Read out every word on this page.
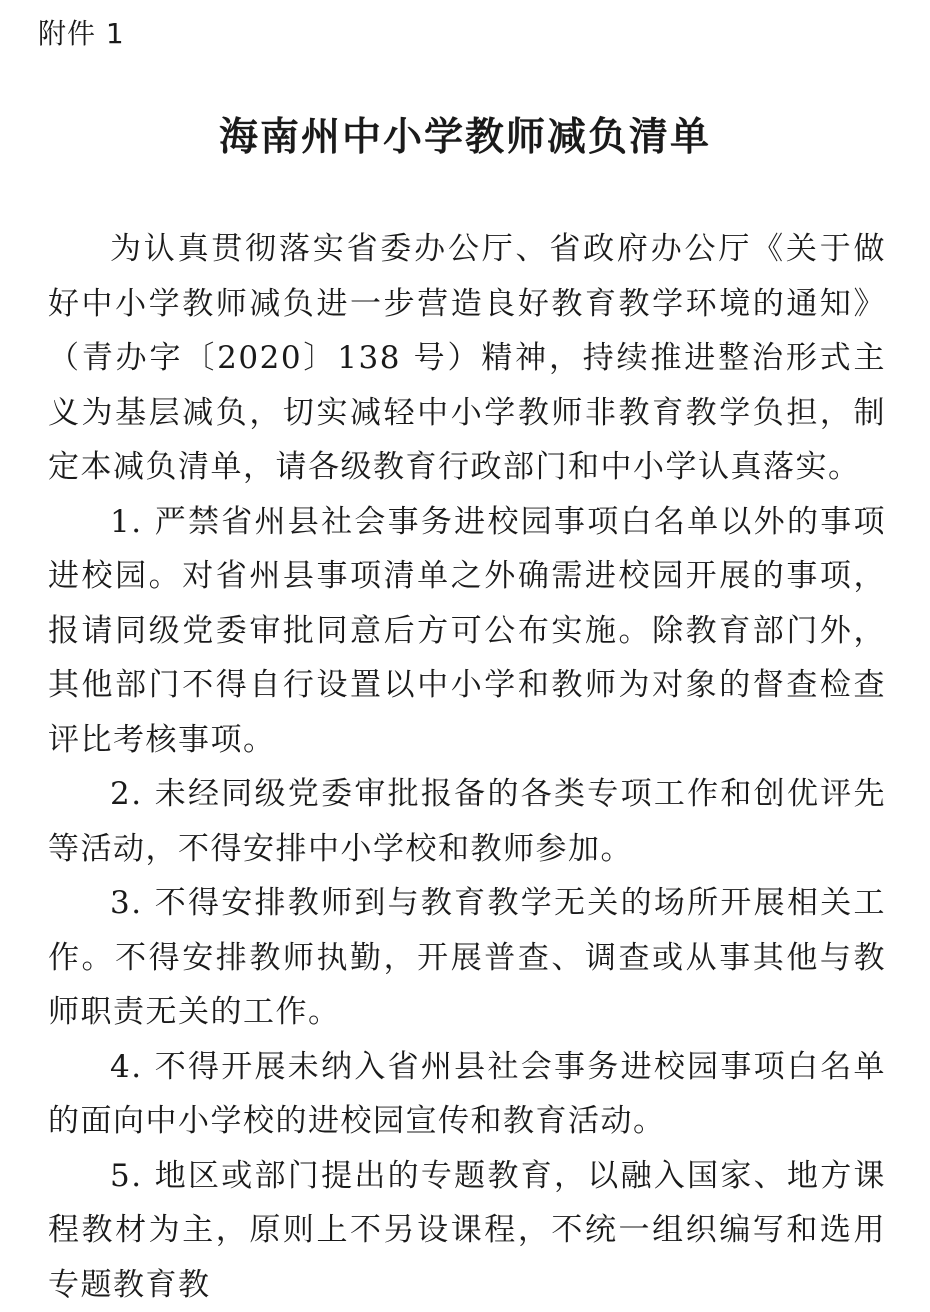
附件 1
海南州中小学教师减负清单

为认真贯彻落实省委办公厅、省政府办公厅《关于做好中小学教师减负进一步营造良好教育教学环境的通知》（青办字〔2020〕138 号）精神，持续推进整治形式主义为基层减负，切实减轻中小学教师非教育教学负担，制定本减负清单，请各级教育行政部门和中小学认真落实。

1. 严禁省州县社会事务进校园事项白名单以外的事项进校园。对省州县事项清单之外确需进校园开展的事项，报请同级党委审批同意后方可公布实施。除教育部门外，其他部门不得自行设置以中小学和教师为对象的督查检查评比考核事项。

2. 未经同级党委审批报备的各类专项工作和创优评先等活动，不得安排中小学校和教师参加。

3. 不得安排教师到与教育教学无关的场所开展相关工作。不得安排教师执勤，开展普查、调查或从事其他与教师职责无关的工作。

4. 不得开展未纳入省州县社会事务进校园事项白名单的面向中小学校的进校园宣传和教育活动。

5. 地区或部门提出的专题教育，以融入国家、地方课程教材为主，原则上不另设课程，不统一组织编写和选用专题教育教
